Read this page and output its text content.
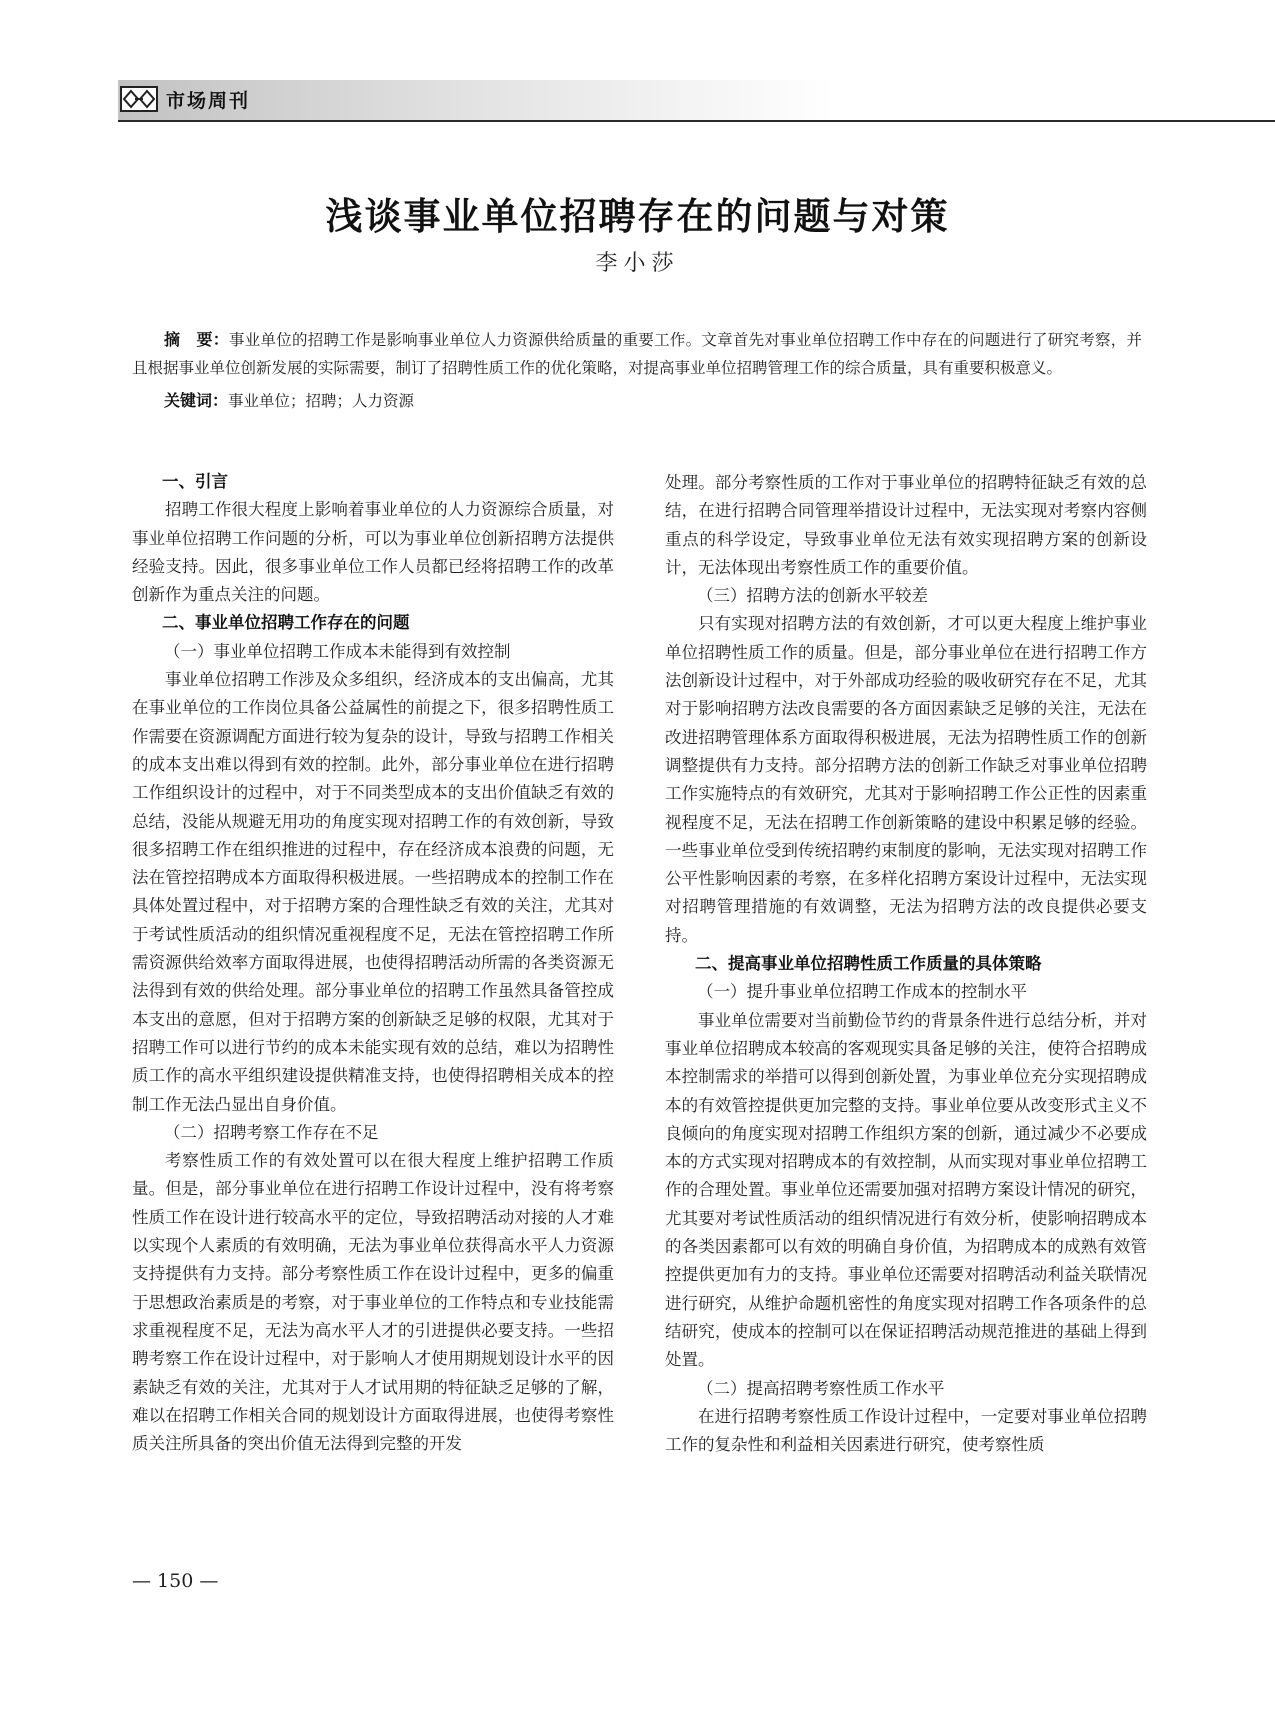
市场周刊
浅谈事业单位招聘存在的问题与对策
李小莎

摘　要：事业单位的招聘工作是影响事业单位人力资源供给质量的重要工作。文章首先对事业单位招聘工作中存在的问题进行了研究考察，并且根据事业单位创新发展的实际需要，制订了招聘性质工作的优化策略，对提高事业单位招聘管理工作的综合质量，具有重要积极意义。

关键词：事业单位；招聘；人力资源

一、引言

招聘工作很大程度上影响着事业单位的人力资源综合质量，对事业单位招聘工作问题的分析，可以为事业单位创新招聘方法提供经验支持。因此，很多事业单位工作人员都已经将招聘工作的改革创新作为重点关注的问题。

二、事业单位招聘工作存在的问题
（一）事业单位招聘工作成本未能得到有效控制

事业单位招聘工作涉及众多组织，经济成本的支出偏高，尤其在事业单位的工作岗位具备公益属性的前提之下，很多招聘性质工作需要在资源调配方面进行较为复杂的设计，导致与招聘工作相关的成本支出难以得到有效的控制。此外，部分事业单位在进行招聘工作组织设计的过程中，对于不同类型成本的支出价值缺乏有效的总结，没能从规避无用功的角度实现对招聘工作的有效创新，导致很多招聘工作在组织推进的过程中，存在经济成本浪费的问题，无法在管控招聘成本方面取得积极进展。一些招聘成本的控制工作在具体处置过程中，对于招聘方案的合理性缺乏有效的关注，尤其对于考试性质活动的组织情况重视程度不足，无法在管控招聘工作所需资源供给效率方面取得进展，也使得招聘活动所需的各类资源无法得到有效的供给处理。部分事业单位的招聘工作虽然具备管控成本支出的意愿，但对于招聘方案的创新缺乏足够的权限，尤其对于招聘工作可以进行节约的成本未能实现有效的总结，难以为招聘性质工作的高水平组织建设提供精准支持，也使得招聘相关成本的控制工作无法凸显出自身价值。

（二）招聘考察工作存在不足

考察性质工作的有效处置可以在很大程度上维护招聘工作质量。但是，部分事业单位在进行招聘工作设计过程中，没有将考察性质工作在设计进行较高水平的定位，导致招聘活动对接的人才难以实现个人素质的有效明确，无法为事业单位获得高水平人力资源支持提供有力支持。部分考察性质工作在设计过程中，更多的偏重于思想政治素质是的考察，对于事业单位的工作特点和专业技能需求重视程度不足，无法为高水平人才的引进提供必要支持。一些招聘考察工作在设计过程中，对于影响人才使用期规划设计水平的因素缺乏有效的关注，尤其对于人才试用期的特征缺乏足够的了解，难以在招聘工作相关合同的规划设计方面取得进展，也使得考察性质关注所具备的突出价值无法得到完整的开发

处理。部分考察性质的工作对于事业单位的招聘特征缺乏有效的总结，在进行招聘合同管理举措设计过程中，无法实现对考察内容侧重点的科学设定，导致事业单位无法有效实现招聘方案的创新设计，无法体现出考察性质工作的重要价值。

（三）招聘方法的创新水平较差

只有实现对招聘方法的有效创新，才可以更大程度上维护事业单位招聘性质工作的质量。但是，部分事业单位在进行招聘工作方法创新设计过程中，对于外部成功经验的吸收研究存在不足，尤其对于影响招聘方法改良需要的各方面因素缺乏足够的关注，无法在改进招聘管理体系方面取得积极进展，无法为招聘性质工作的创新调整提供有力支持。部分招聘方法的创新工作缺乏对事业单位招聘工作实施特点的有效研究，尤其对于影响招聘工作公正性的因素重视程度不足，无法在招聘工作创新策略的建设中积累足够的经验。一些事业单位受到传统招聘约束制度的影响，无法实现对招聘工作公平性影响因素的考察，在多样化招聘方案设计过程中，无法实现对招聘管理措施的有效调整，无法为招聘方法的改良提供必要支持。

二、提高事业单位招聘性质工作质量的具体策略
（一）提升事业单位招聘工作成本的控制水平

事业单位需要对当前勤俭节约的背景条件进行总结分析，并对事业单位招聘成本较高的客观现实具备足够的关注，使符合招聘成本控制需求的举措可以得到创新处置，为事业单位充分实现招聘成本的有效管控提供更加完整的支持。事业单位要从改变形式主义不良倾向的角度实现对招聘工作组织方案的创新，通过减少不必要成本的方式实现对招聘成本的有效控制，从而实现对事业单位招聘工作的合理处置。事业单位还需要加强对招聘方案设计情况的研究，尤其要对考试性质活动的组织情况进行有效分析，使影响招聘成本的各类因素都可以有效的明确自身价值，为招聘成本的成熟有效管控提供更加有力的支持。事业单位还需要对招聘活动利益关联情况进行研究，从维护命题机密性的角度实现对招聘工作各项条件的总结研究，使成本的控制可以在保证招聘活动规范推进的基础上得到处置。

（二）提高招聘考察性质工作水平

在进行招聘考察性质工作设计过程中，一定要对事业单位招聘工作的复杂性和利益相关因素进行研究，使考察性质

— 150 —
